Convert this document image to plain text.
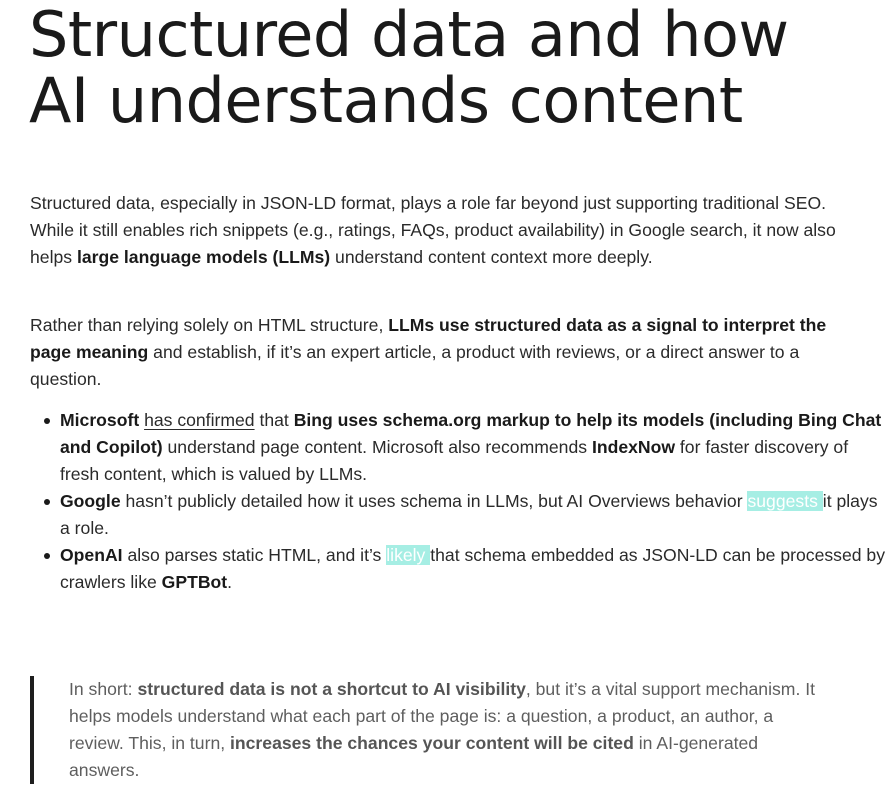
Structured data and how AI understands content

Structured data, especially in JSON-LD format, plays a role far beyond just supporting traditional SEO. While it still enables rich snippets (e.g., ratings, FAQs, product availability) in Google search, it now also helps large language models (LLMs) understand content context more deeply.

Rather than relying solely on HTML structure, LLMs use structured data as a signal to interpret the page meaning and establish, if it’s an expert article, a product with reviews, or a direct answer to a question.

Microsoft has confirmed that Bing uses schema.org markup to help its models (including Bing Chat and Copilot) understand page content. Microsoft also recommends IndexNow for faster discovery of fresh content, which is valued by LLMs.
Google hasn’t publicly detailed how it uses schema in LLMs, but AI Overviews behavior suggests it plays a role.
OpenAI also parses static HTML, and it’s likely that schema embedded as JSON-LD can be processed by crawlers like GPTBot.

In short: structured data is not a shortcut to AI visibility, but it’s a vital support mechanism. It helps models understand what each part of the page is: a question, a product, an author, a review. This, in turn, increases the chances your content will be cited in AI-generated answers.
